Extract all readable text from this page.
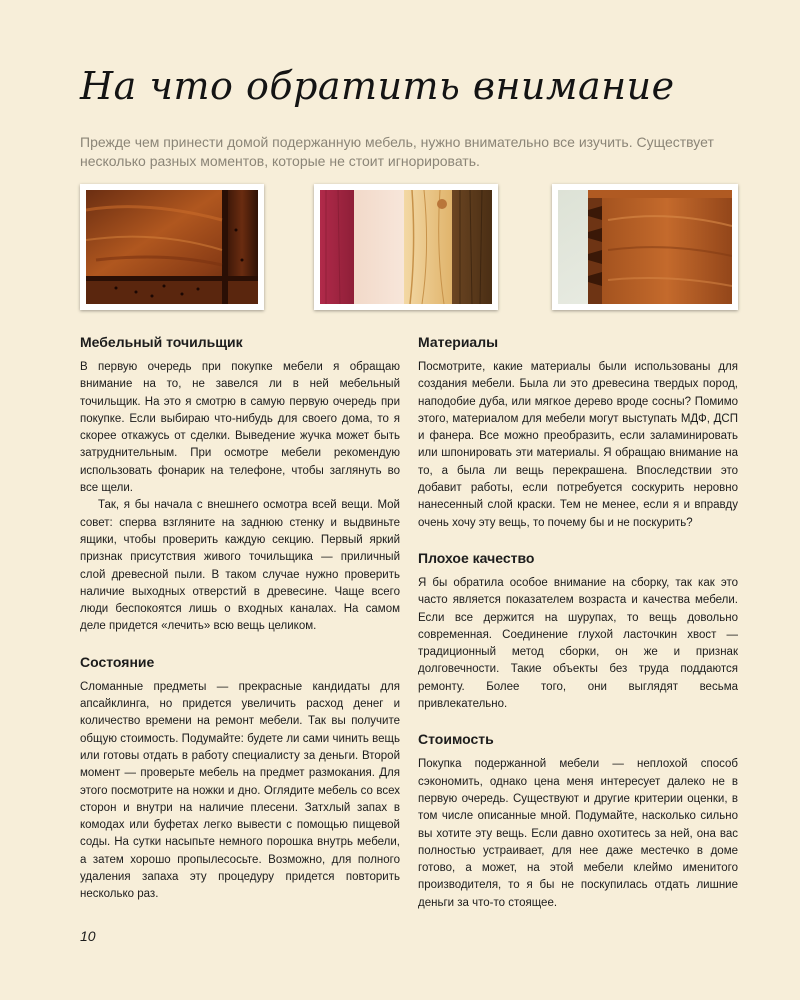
На что обратить внимание
Прежде чем принести домой подержанную мебель, нужно внимательно все изучить. Существует несколько разных моментов, которые не стоит игнорировать.
Мебельный точильщик

В первую очередь при покупке мебели я обращаю внимание на то, не завелся ли в ней мебельный точильщик. На это я смотрю в самую первую очередь при покупке. Если выбираю что-нибудь для своего дома, то я скорее откажусь от сделки. Выведение жучка может быть затруднительным. При осмотре мебели рекомендую использовать фонарик на телефоне, чтобы заглянуть во все щели.

Так, я бы начала с внешнего осмотра всей вещи. Мой совет: сперва взгляните на заднюю стенку и выдвиньте ящики, чтобы проверить каждую секцию. Первый яркий признак присутствия живого точильщика — приличный слой древесной пыли. В таком случае нужно проверить наличие выходных отверстий в древесине. Чаще всего люди беспокоятся лишь о входных каналах. На самом деле придется «лечить» всю вещь целиком.

Состояние

Сломанные предметы — прекрасные кандидаты для апсайклинга, но придется увеличить расход денег и количество времени на ремонт мебели. Так вы получите общую стоимость. Подумайте: будете ли сами чинить вещь или готовы отдать в работу специалисту за деньги. Второй момент — проверьте мебель на предмет размокания. Для этого посмотрите на ножки и дно. Оглядите мебель со всех сторон и внутри на наличие плесени. Затхлый запах в комодах или буфетах легко вывести с помощью пищевой соды. На сутки насыпьте немного порошка внутрь мебели, а затем хорошо пропылесосьте. Возможно, для полного удаления запаха эту процедуру придется повторить несколько раз.

Материалы

Посмотрите, какие материалы были использованы для создания мебели. Была ли это древесина твердых пород, наподобие дуба, или мягкое дерево вроде сосны? Помимо этого, материалом для мебели могут выступать МДФ, ДСП и фанера. Все можно преобразить, если заламинировать или шпонировать эти материалы. Я обращаю внимание на то, а была ли вещь перекрашена. Впоследствии это добавит работы, если потребуется соскурить неровно нанесенный слой краски. Тем не менее, если я и вправду очень хочу эту вещь, то почему бы и не поскурить?

Плохое качество

Я бы обратила особое внимание на сборку, так как это часто является показателем возраста и качества мебели. Если все держится на шурупах, то вещь довольно современная. Соединение глухой ласточкин хвост — традиционный метод сборки, он же и признак долговечности. Такие объекты без труда поддаются ремонту. Более того, они выглядят весьма привлекательно.

Стоимость

Покупка подержанной мебели — неплохой способ сэкономить, однако цена меня интересует далеко не в первую очередь. Существуют и другие критерии оценки, в том числе описанные мной. Подумайте, насколько сильно вы хотите эту вещь. Если давно охотитесь за ней, она вас полностью устраивает, для нее даже местечко в доме готово, а может, на этой мебели клеймо именитого производителя, то я бы не поскупилась отдать лишние деньги за что-то стоящее.

10
